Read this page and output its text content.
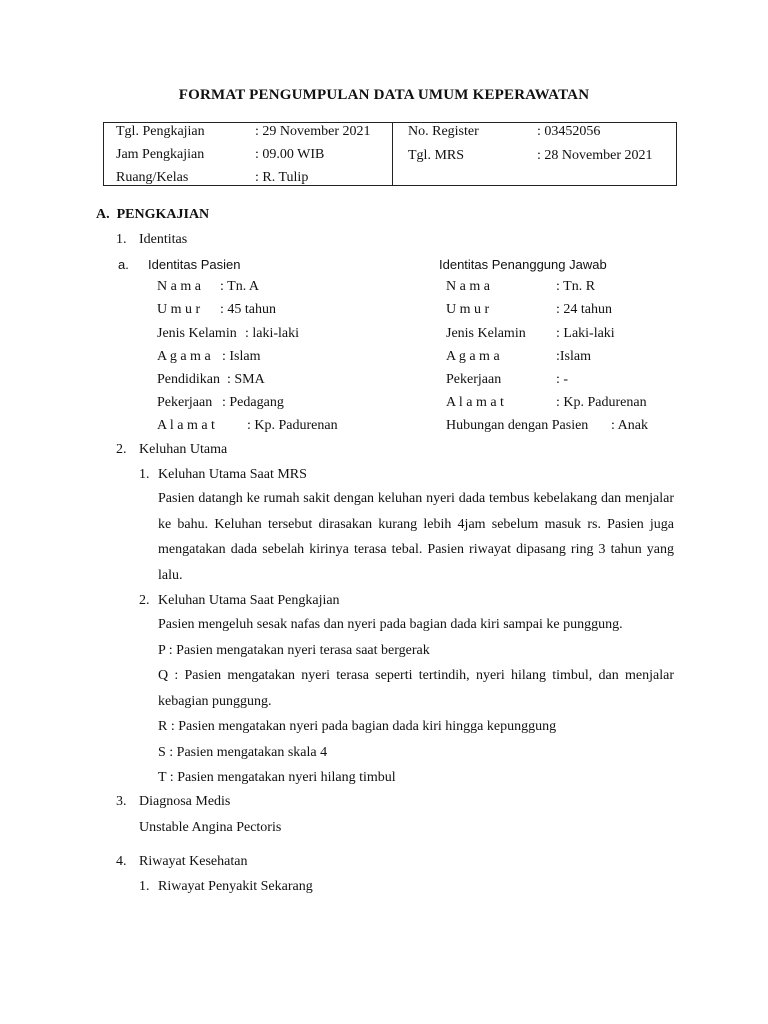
FORMAT PENGUMPULAN DATA UMUM KEPERAWATAN
Tgl. Pengkajian	: 29 November 2021
Jam Pengkajian	: 09.00 WIB
Ruang/Kelas	: R. Tulip
No. Register	: 03452056
Tgl. MRS	: 28 November 2021
A.  PENGKAJIAN
1. Identitas
a. Identitas Pasien	Identitas Penanggung Jawab
N a m a : Tn. A
U m u r : 45 tahun
Jenis Kelamin : laki-laki
A g a m a : Islam
Pendidikan : SMA
Pekerjaan : Pedagang
A l a m a t : Kp. Padurenan
N a m a	: Tn. R
U m u r	: 24 tahun
Jenis Kelamin : Laki-laki
A g a m a	:Islam
Pekerjaan	: -
A l a m a t	: Kp. Padurenan
Hubungan dengan Pasien : Anak
2. Keluhan Utama
1. Keluhan Utama Saat MRS

Pasien datangh ke rumah sakit dengan keluhan nyeri dada tembus kebelakang dan menjalar ke bahu. Keluhan tersebut dirasakan kurang lebih 4jam sebelum masuk rs. Pasien juga mengatakan dada sebelah kirinya terasa tebal. Pasien riwayat dipasang ring 3 tahun yang lalu.

2. Keluhan Utama Saat Pengkajian

Pasien mengeluh sesak nafas dan nyeri pada bagian dada kiri sampai ke punggung.

P : Pasien mengatakan nyeri terasa saat bergerak

Q : Pasien mengatakan nyeri terasa seperti tertindih, nyeri hilang timbul, dan menjalar kebagian punggung.

R : Pasien mengatakan nyeri pada bagian dada kiri hingga kepunggung

S : Pasien mengatakan skala 4

T : Pasien mengatakan nyeri hilang timbul

3. Diagnosa Medis
Unstable Angina Pectoris
4. Riwayat Kesehatan
1. Riwayat Penyakit Sekarang
